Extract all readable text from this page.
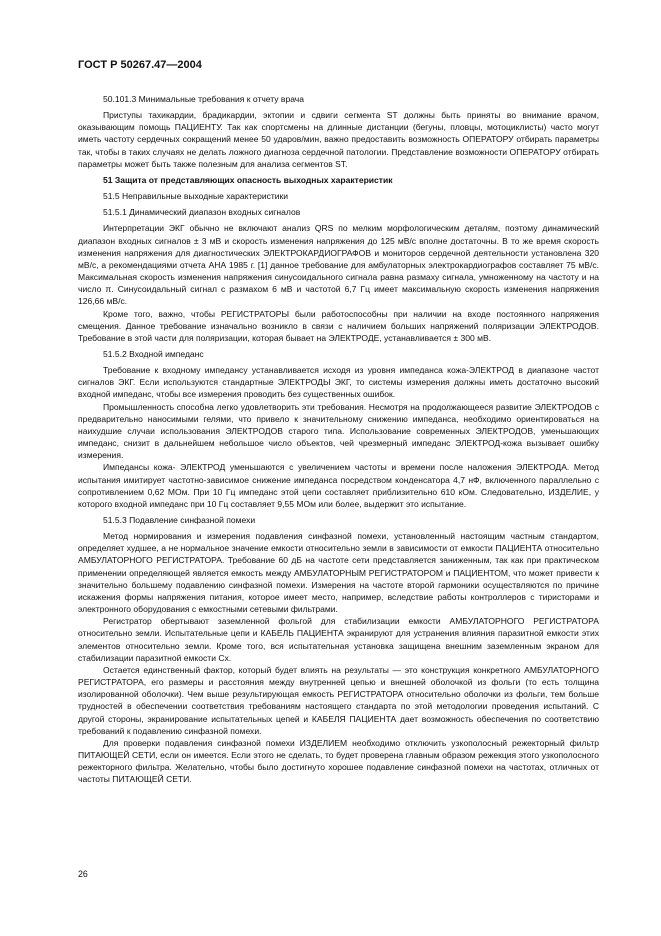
ГОСТ Р 50267.47—2004

50.101.3 Минимальные требования к отчету врача

Приступы тахикардии, брадикардии, эктопии и сдвиги сегмента ST должны быть приняты во внимание врачом, оказывающим помощь ПАЦИЕНТУ. Так как спортсмены на длинные дистанции (бегуны, пловцы, мотоциклисты) часто могут иметь частоту сердечных сокращений менее 50 ударов/мин, важно предоставить возможность ОПЕРАТОРУ отбирать параметры так, чтобы в таких случаях не делать ложного диагноза сердечной патологии. Представление возможности ОПЕРАТОРУ отбирать параметры может быть также полезным для анализа сегментов ST.

51 Защита от представляющих опасность выходных характеристик

51.5 Неправильные выходные характеристики

51.5.1 Динамический диапазон входных сигналов

Интерпретации ЭКГ обычно не включают анализ QRS по мелким морфологическим деталям, поэтому динамический диапазон входных сигналов ± 3 мВ и скорость изменения напряжения до 125 мВ/с вполне достаточны. В то же время скорость изменения напряжения для диагностических ЭЛЕКТРОКАРДИОГРАФОВ и мониторов сердечной деятельности установлена 320 мВ/с, а рекомендациями отчета АНА 1985 г. [1] данное требование для амбулаторных электрокардиографов составляет 75 мВ/с. Максимальная скорость изменения напряжения синусоидального сигнала равна размаху сигнала, умноженному на частоту и на число π. Синусоидальный сигнал с размахом 6 мВ и частотой 6,7 Гц имеет максимальную скорость изменения напряжения 126,66 мВ/с.

Кроме того, важно, чтобы РЕГИСТРАТОРЫ были работоспособны при наличии на входе постоянного напряжения смещения. Данное требование изначально возникло в связи с наличием больших напряжений поляризации ЭЛЕКТРОДОВ. Требование в этой части для поляризации, которая бывает на ЭЛЕКТРОДЕ, устанавливается ± 300 мВ.

51.5.2 Входной импеданс

Требование к входному импедансу устанавливается исходя из уровня импеданса кожа-ЭЛЕКТРОД в диапазоне частот сигналов ЭКГ. Если используются стандартные ЭЛЕКТРОДЫ ЭКГ, то системы измерения должны иметь достаточно высокий входной импеданс, чтобы все измерения проводить без существенных ошибок.

Промышленность способна легко удовлетворить эти требования. Несмотря на продолжающееся развитие ЭЛЕКТРОДОВ с предварительно наносимыми гелями, что привело к значительному снижению импеданса, необходимо ориентироваться на наихудшие случаи использования ЭЛЕКТРОДОВ старого типа. Использование современных ЭЛЕКТРОДОВ, уменьшающих импеданс, снизит в дальнейшем небольшое число объектов, чей чрезмерный импеданс ЭЛЕКТРОД-кожа вызывает ошибку измерения.

Импедансы кожа- ЭЛЕКТРОД уменьшаются с увеличением частоты и времени после наложения ЭЛЕКТРОДА. Метод испытания имитирует частотно-зависимое снижение импеданса посредством конденсатора 4,7 нФ, включенного параллельно с сопротивлением 0,62 МОм. При 10 Гц импеданс этой цепи составляет приблизительно 610 кОм. Следовательно, ИЗДЕЛИЕ, у которого входной импеданс при 10 Гц составляет 9,55 МОм или более, выдержит это испытание.

51.5.3 Подавление синфазной помехи

Метод нормирования и измерения подавления синфазной помехи, установленный настоящим частным стандартом, определяет худшее, а не нормальное значение емкости относительно земли в зависимости от емкости ПАЦИЕНТА относительно АМБУЛАТОРНОГО РЕГИСТРАТОРА. Требование 60 дБ на частоте сети представляется заниженным, так как при практическом применении определяющей является емкость между АМБУЛАТОРНЫМ РЕГИСТРАТОРОМ и ПАЦИЕНТОМ, что может привести к значительно большему подавлению синфазной помехи. Измерения на частоте второй гармоники осуществляются по причине искажения формы напряжения питания, которое имеет место, например, вследствие работы контроллеров с тиристорами и электронного оборудования с емкостными сетевыми фильтрами.

Регистратор обертывают заземленной фольгой для стабилизации емкости АМБУЛАТОРНОГО РЕГИСТРАТОРА относительно земли. Испытательные цепи и КАБЕЛЬ ПАЦИЕНТА экранируют для устранения влияния паразитной емкости этих элементов относительно земли. Кроме того, вся испытательная установка защищена внешним заземленным экраном для стабилизации паразитной емкости Cx.

Остается единственный фактор, который будет влиять на результаты — это конструкция конкретного АМБУЛАТОРНОГО РЕГИСТРАТОРА, его размеры и расстояния между внутренней цепью и внешней оболочкой из фольги (то есть толщина изолированной оболочки). Чем выше результирующая емкость РЕГИСТРАТОРА относительно оболочки из фольги, тем больше трудностей в обеспечении соответствия требованиям настоящего стандарта по этой методологии проведения испытаний. С другой стороны, экранирование испытательных цепей и КАБЕЛЯ ПАЦИЕНТА дает возможность обеспечения по соответствию требований к подавлению синфазной помехи.

Для проверки подавления синфазной помехи ИЗДЕЛИЕМ необходимо отключить узкополосный режекторный фильтр ПИТАЮЩЕЙ СЕТИ, если он имеется. Если этого не сделать, то будет проверена главным образом режекция этого узкополосного режекторного фильтра. Желательно, чтобы было достигнуто хорошее подавление синфазной помехи на частотах, отличных от частоты ПИТАЮЩЕЙ СЕТИ.

26
